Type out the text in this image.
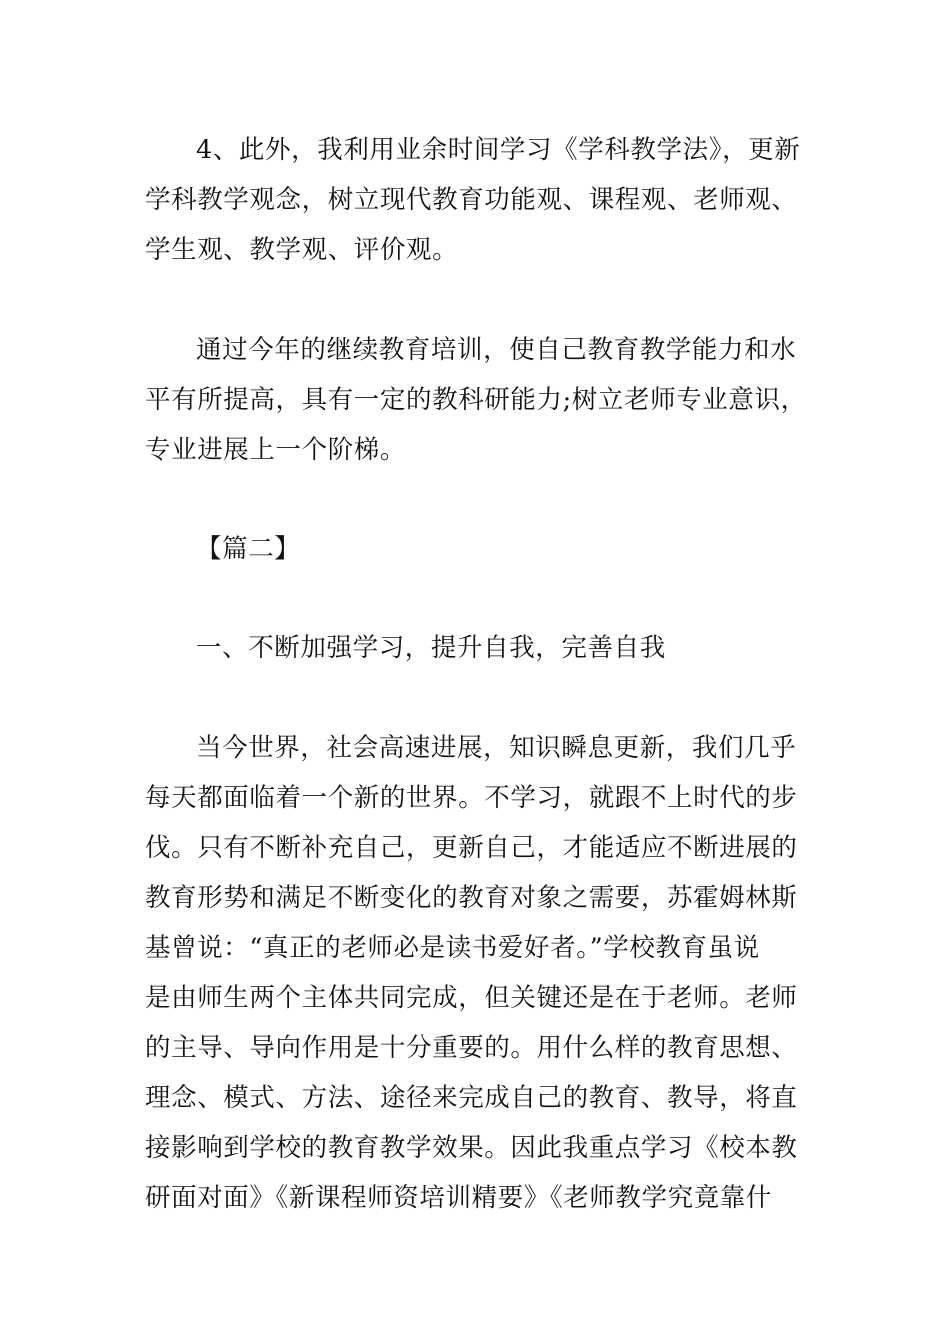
4、此外，我利用业余时间学习《学科教学法》，更新
学科教学观念，树立现代教育功能观、课程观、老师观、
学生观、教学观、评价观。
通过今年的继续教育培训，使自己教育教学能力和水
平有所提高，具有一定的教科研能力;树立老师专业意识，
专业进展上一个阶梯。
【篇二】
一、不断加强学习，提升自我，完善自我
当今世界，社会高速进展，知识瞬息更新，我们几乎
每天都面临着一个新的世界。不学习，就跟不上时代的步
伐。只有不断补充自己，更新自己，才能适应不断进展的
教育形势和满足不断变化的教育对象之需要，苏霍姆林斯
基曾说：“真正的老师必是读书爱好者。”学校教育虽说
是由师生两个主体共同完成，但关键还是在于老师。老师
的主导、导向作用是十分重要的。用什么样的教育思想、
理念、模式、方法、途径来完成自己的教育、教导，将直
接影响到学校的教育教学效果。因此我重点学习《校本教
研面对面》《新课程师资培训精要》《老师教学究竟靠什
